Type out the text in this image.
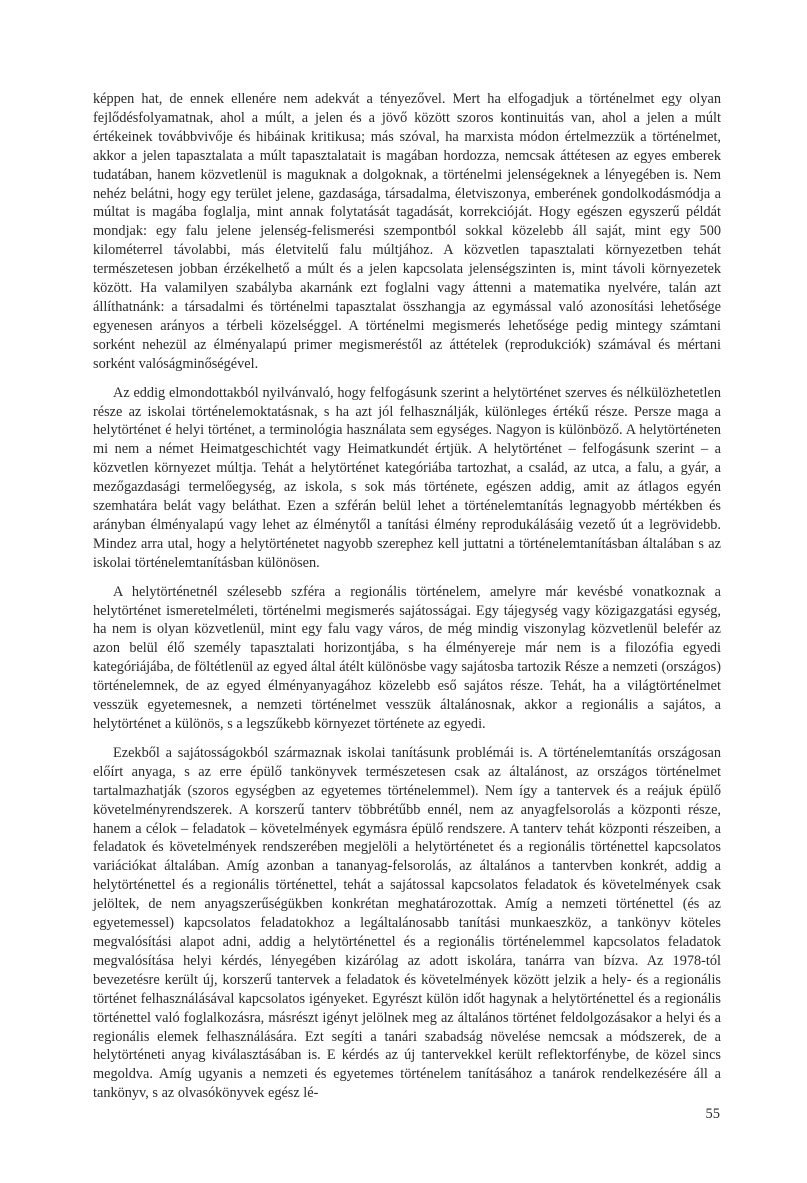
képpen hat, de ennek ellenére nem adekvát a tényezővel. Mert ha elfogadjuk a történelmet egy olyan fejlődésfolyamatnak, ahol a múlt, a jelen és a jövő között szoros kontinuitás van, ahol a jelen a múlt értékeinek továbbvivője és hibáinak kritikusa; más szóval, ha marxista módon értelmezzük a történelmet, akkor a jelen tapasztalata a múlt tapasztalatait is magában hordozza, nemcsak áttétesen az egyes emberek tudatában, hanem közvetlenül is maguknak a dolgoknak, a történelmi jelenségeknek a lényegében is. Nem nehéz belátni, hogy egy terület jelene, gazdasága, társadalma, életviszonya, emberének gondolkodásmódja a múltat is magába foglalja, mint annak folytatását tagadását, korrekcióját. Hogy egészen egyszerű példát mondjak: egy falu jelene jelenség-felismerési szempontból sokkal közelebb áll saját, mint egy 500 kilométerrel távolabbi, más életvitelű falu múltjához. A közvetlen tapasztalati környezetben tehát természetesen jobban érzékelhető a múlt és a jelen kapcsolata jelenségszinten is, mint távoli környezetek között. Ha valamilyen szabályba akarnánk ezt foglalni vagy áttenni a matematika nyelvére, talán azt állíthatnánk: a társadalmi és történelmi tapasztalat összhangja az egymással való azonosítási lehetősége egyenesen arányos a térbeli közelséggel. A történelmi megismerés lehetősége pedig mintegy számtani sorként nehezül az élményalapú primer megismeréstől az áttételek (reprodukciók) számával és mértani sorként valóságminőségével.

Az eddig elmondottakból nyilvánvaló, hogy felfogásunk szerint a helytörténet szerves és nélkülözhetetlen része az iskolai történelemoktatásnak, s ha azt jól felhasználják, különleges értékű része. Persze maga a helytörténet é helyi történet, a terminológia használata sem egységes. Nagyon is különböző. A helytörténeten mi nem a német Heimatgeschichtét vagy Heimatkundét értjük. A helytörténet – felfogásunk szerint – a közvetlen környezet múltja. Tehát a helytörténet kategóriába tartozhat, a család, az utca, a falu, a gyár, a mezőgazdasági termelőegység, az iskola, s sok más története, egészen addig, amit az átlagos egyén szemhatára belát vagy beláthat. Ezen a szférán belül lehet a történelemtanítás legnagyobb mértékben és arányban élményalapú vagy lehet az élménytől a tanítási élmény reprodukálásáig vezető út a legrövidebb. Mindez arra utal, hogy a helytörténetet nagyobb szerephez kell juttatni a történelemtanításban általában s az iskolai történelemtanításban különösen.

A helytörténetnél szélesebb szféra a regionális történelem, amelyre már kevésbé vonatkoznak a helytörténet ismeretelméleti, történelmi megismerés sajátosságai. Egy tájegység vagy közigazgatási egység, ha nem is olyan közvetlenül, mint egy falu vagy város, de még mindig viszonylag közvetlenül belefér az azon belül élő személy tapasztalati horizontjába, s ha élményereje már nem is a filozófia egyedi kategóriájába, de föltétlenül az egyed által átélt különösbe vagy sajátosba tartozik Része a nemzeti (országos) történelemnek, de az egyed élményanyagához közelebb eső sajátos része. Tehát, ha a világtörténelmet vesszük egyetemesnek, a nemzeti történelmet vesszük általánosnak, akkor a regionális a sajátos, a helytörténet a különös, s a legszűkebb környezet története az egyedi.

Ezekből a sajátosságokból származnak iskolai tanításunk problémái is. A történelemtanítás országosan előírt anyaga, s az erre épülő tankönyvek természetesen csak az általánost, az országos történelmet tartalmazhatják (szoros egységben az egyetemes történelemmel). Nem így a tantervek és a reájuk épülő követelményrendszerek. A korszerű tanterv többrétűbb ennél, nem az anyagfelsorolás a központi része, hanem a célok – feladatok – követelmények egymásra épülő rendszere. A tanterv tehát központi részeiben, a feladatok és követelmények rendszerében megjelöli a helytörténetet és a regionális történettel kapcsolatos variációkat általában. Amíg azonban a tananyag-felsorolás, az általános a tantervben konkrét, addig a helytörténettel és a regionális történettel, tehát a sajátossal kapcsolatos feladatok és követelmények csak jelöltek, de nem anyagszerűségükben konkrétan meghatározottak. Amíg a nemzeti történettel (és az egyetemessel) kapcsolatos feladatokhoz a legáltalánosabb tanítási munkaeszköz, a tankönyv köteles megvalósítási alapot adni, addig a helytörténettel és a regionális történelemmel kapcsolatos feladatok megvalósítása helyi kérdés, lényegében kizárólag az adott iskolára, tanárra van bízva. Az 1978-tól bevezetésre került új, korszerű tantervek a feladatok és követelmények között jelzik a hely- és a regionális történet felhasználásával kapcsolatos igényeket. Egyrészt külön időt hagynak a helytörténettel és a regionális történettel való foglalkozásra, másrészt igényt jelölnek meg az általános történet feldolgozásakor a helyi és a regionális elemek felhasználására. Ezt segíti a tanári szabadság növelése nemcsak a módszerek, de a helytörténeti anyag kiválasztásában is. E kérdés az új tantervekkel került reflektorfénybe, de közel sincs megoldva. Amíg ugyanis a nemzeti és egyetemes történelem tanításához a tanárok rendelkezésére áll a tankönyv, s az olvasókönyvek egész lé-

55
